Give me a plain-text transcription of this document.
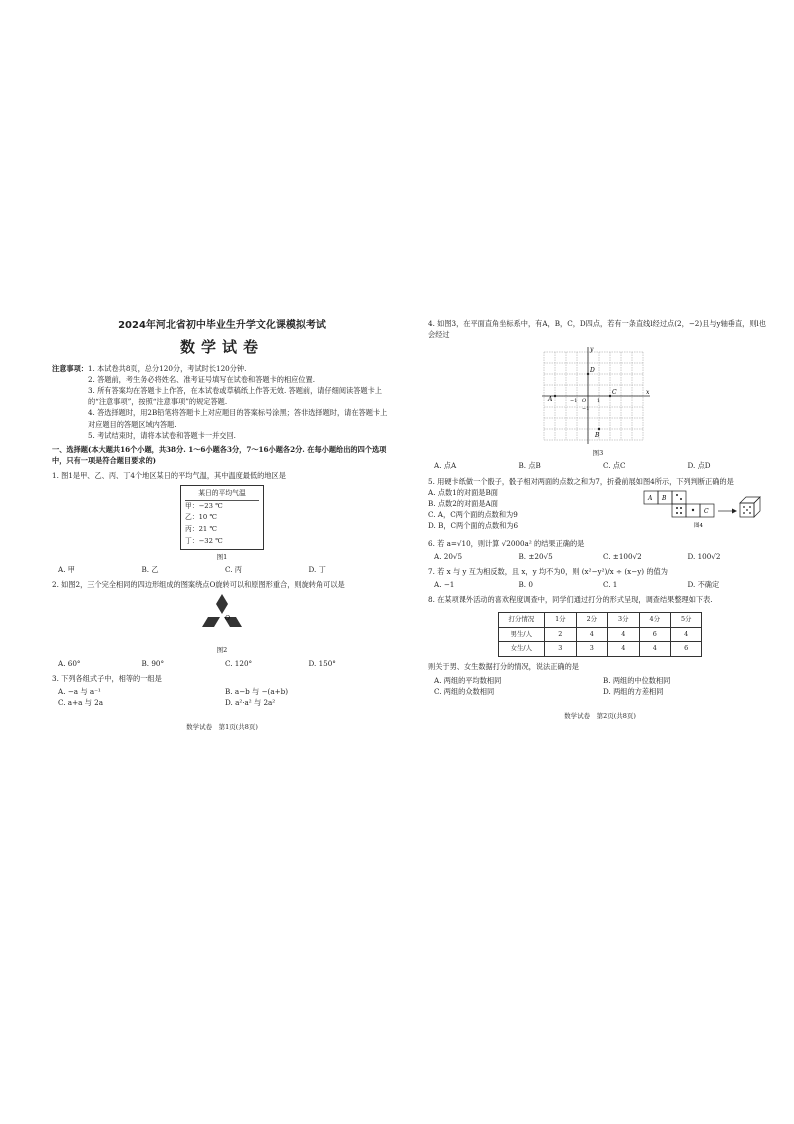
2024年河北省初中毕业生升学文化课模拟考试
数学试卷
注意事项： 1. 本试卷共8页，总分120分，考试时长120分钟.
2. 答题前，考生务必将姓名、准考证号填写在试卷和答题卡的相应位置.
3. 所有答案均在答题卡上作答，在本试卷或草稿纸上作答无效. 答题前，请仔细阅读答题卡上的“注意事项”，按照“注意事项”的规定答题.
4. 答选择题时，用2B铅笔将答题卡上对应题目的答案标号涂黑；答非选择题时，请在答题卡上对应题目的答题区域内答题.
5. 考试结束时，请将本试卷和答题卡一并交回.
一、选择题(本大题共16个小题，共38分. 1～6小题各3分，7～16小题各2分. 在每小题给出的四个选项中，只有一项是符合题目要求的)
1. 图1是甲、乙、丙、丁4个地区某日的平均气温，其中温度最低的地区是
某日的平均气温
甲：−23 ℃
乙：10 ℃
丙：21 ℃
丁：−32 ℃
图1
A. 甲	B. 乙	C. 丙	D. 丁
2. 如图2，三个完全相同的四边形组成的图案绕点O旋转可以和原图形重合，则旋转角可以是
O
图2
A. 60°	B. 90°	C. 120°	D. 150°
3. 下列各组式子中，相等的一组是
A. −a 与 a⁻¹	B. a−b 与 −(a+b)
C. a+a 与 2a	D. a²·a² 与 2a²
数学试卷　第1页(共8页)
4. 如图3，在平面直角坐标系中，有A，B，C，D四点，若有一条直线l经过点(2，−2)且与y轴垂直，则l也会经过
x
y
A
B
C
D
−1 O 1
−1
图3
A. 点A	B. 点B	C. 点C	D. 点D
5. 用硬卡纸做一个骰子，骰子相对两面的点数之和为7，折叠前展如图4所示，下列判断正确的是
A B
C
图4
A. 点数1的对面是B面
B. 点数2的对面是A面
C. A，C两个面的点数和为9
D. B，C两个面的点数和为6
6. 若 a=√10，则计算 √2000a² 的结果正确的是
A. 20√5	B. ±20√5	C. ±100√2	D. 100√2
7. 若 x 与 y 互为相反数，且 x，y 均不为0，则 (x²−y²)/x ÷ (x−y) 的值为
A. −1	B. 0	C. 1	D. 不确定
8. 在某项课外活动的喜欢程度调查中，同学们通过打分的形式呈现，调查结果整理如下表.
打分情况	1分	2分	3分	4分	5分
男生/人	2	4	4	6	4
女生/人	3	3	4	4	6
则关于男、女生数据打分的情况，说法正确的是
A. 两组的平均数相同	B. 两组的中位数相同
C. 两组的众数相同	D. 两组的方差相同
数学试卷　第2页(共8页)
